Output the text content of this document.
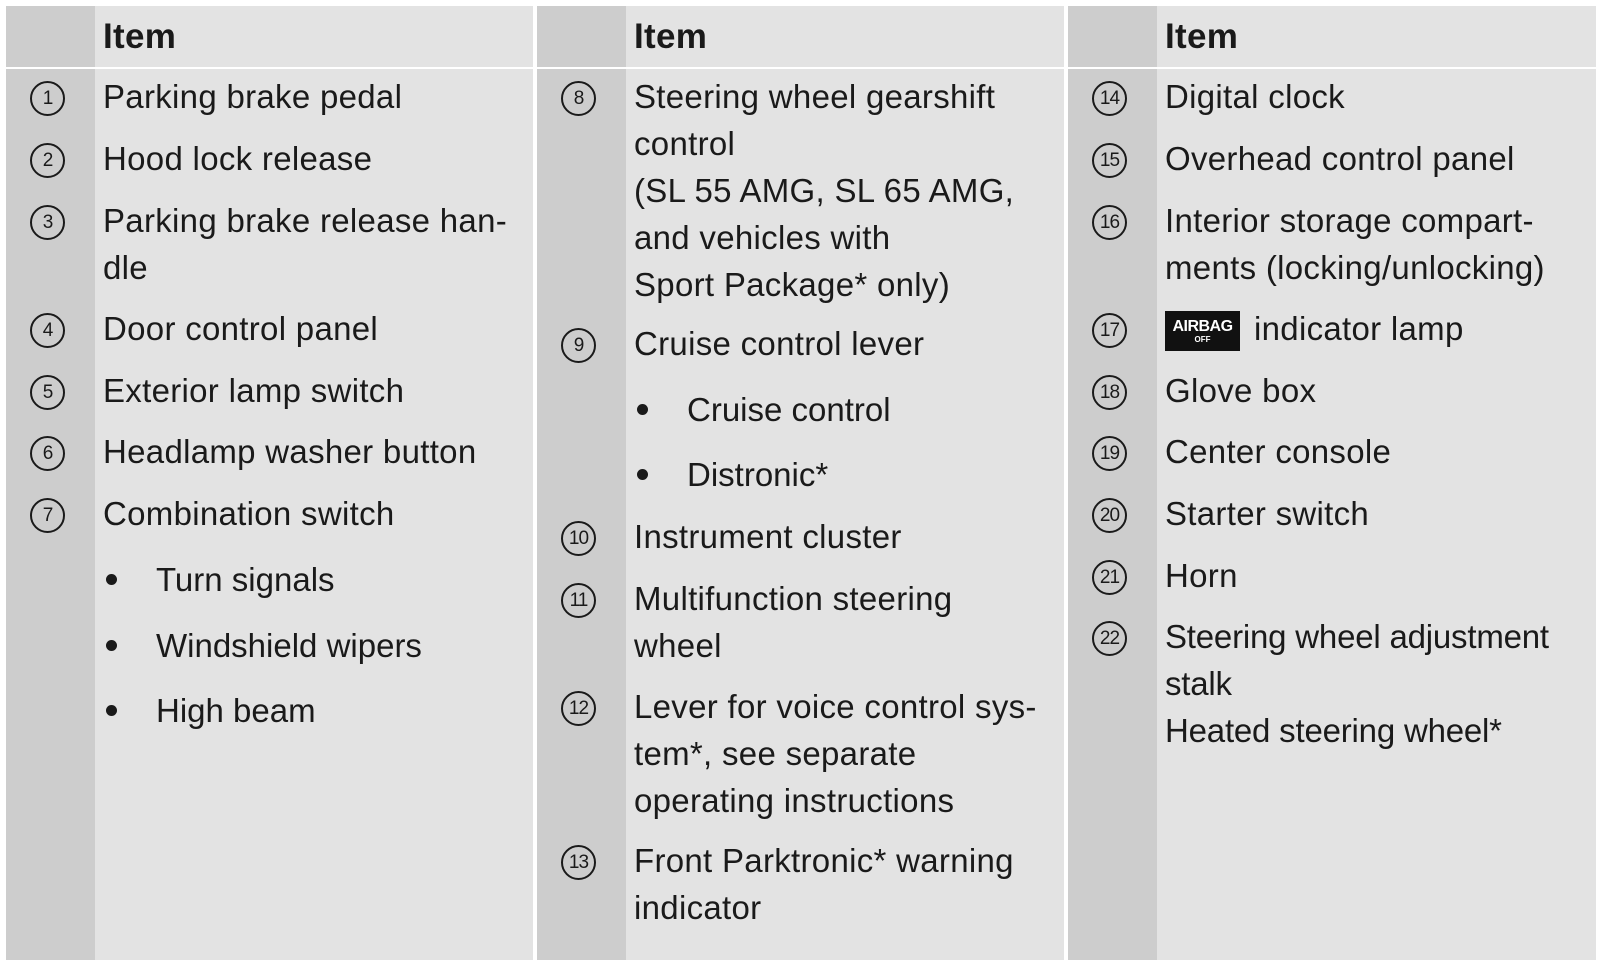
Item
1	Parking brake pedal
2	Hood lock release
3	Parking brake release han-
dle
4	Door control panel
5	Exterior lamp switch
6	Headlamp washer button
7	Combination switch
Turn signals
Windshield wipers
High beam
Item
8	Steering wheel gearshift
control
(SL 55 AMG, SL 65 AMG,
and vehicles with
Sport Package* only)
9	Cruise control lever
Cruise control
Distronic*
10 Instrument cluster
11 Multifunction steering
wheel
12 Lever for voice control sys-
tem*, see separate
operating instructions
13 Front Parktronic* warning
indicator
Item
14 Digital clock
15 Overhead control panel
16 Interior storage compart-
ments (locking/unlocking)
17	AIRBAG
OFF indicator lamp
18 Glove box
19 Center console
20 Starter switch
21 Horn
22 Steering wheel adjustment
stalk
Heated steering wheel*
